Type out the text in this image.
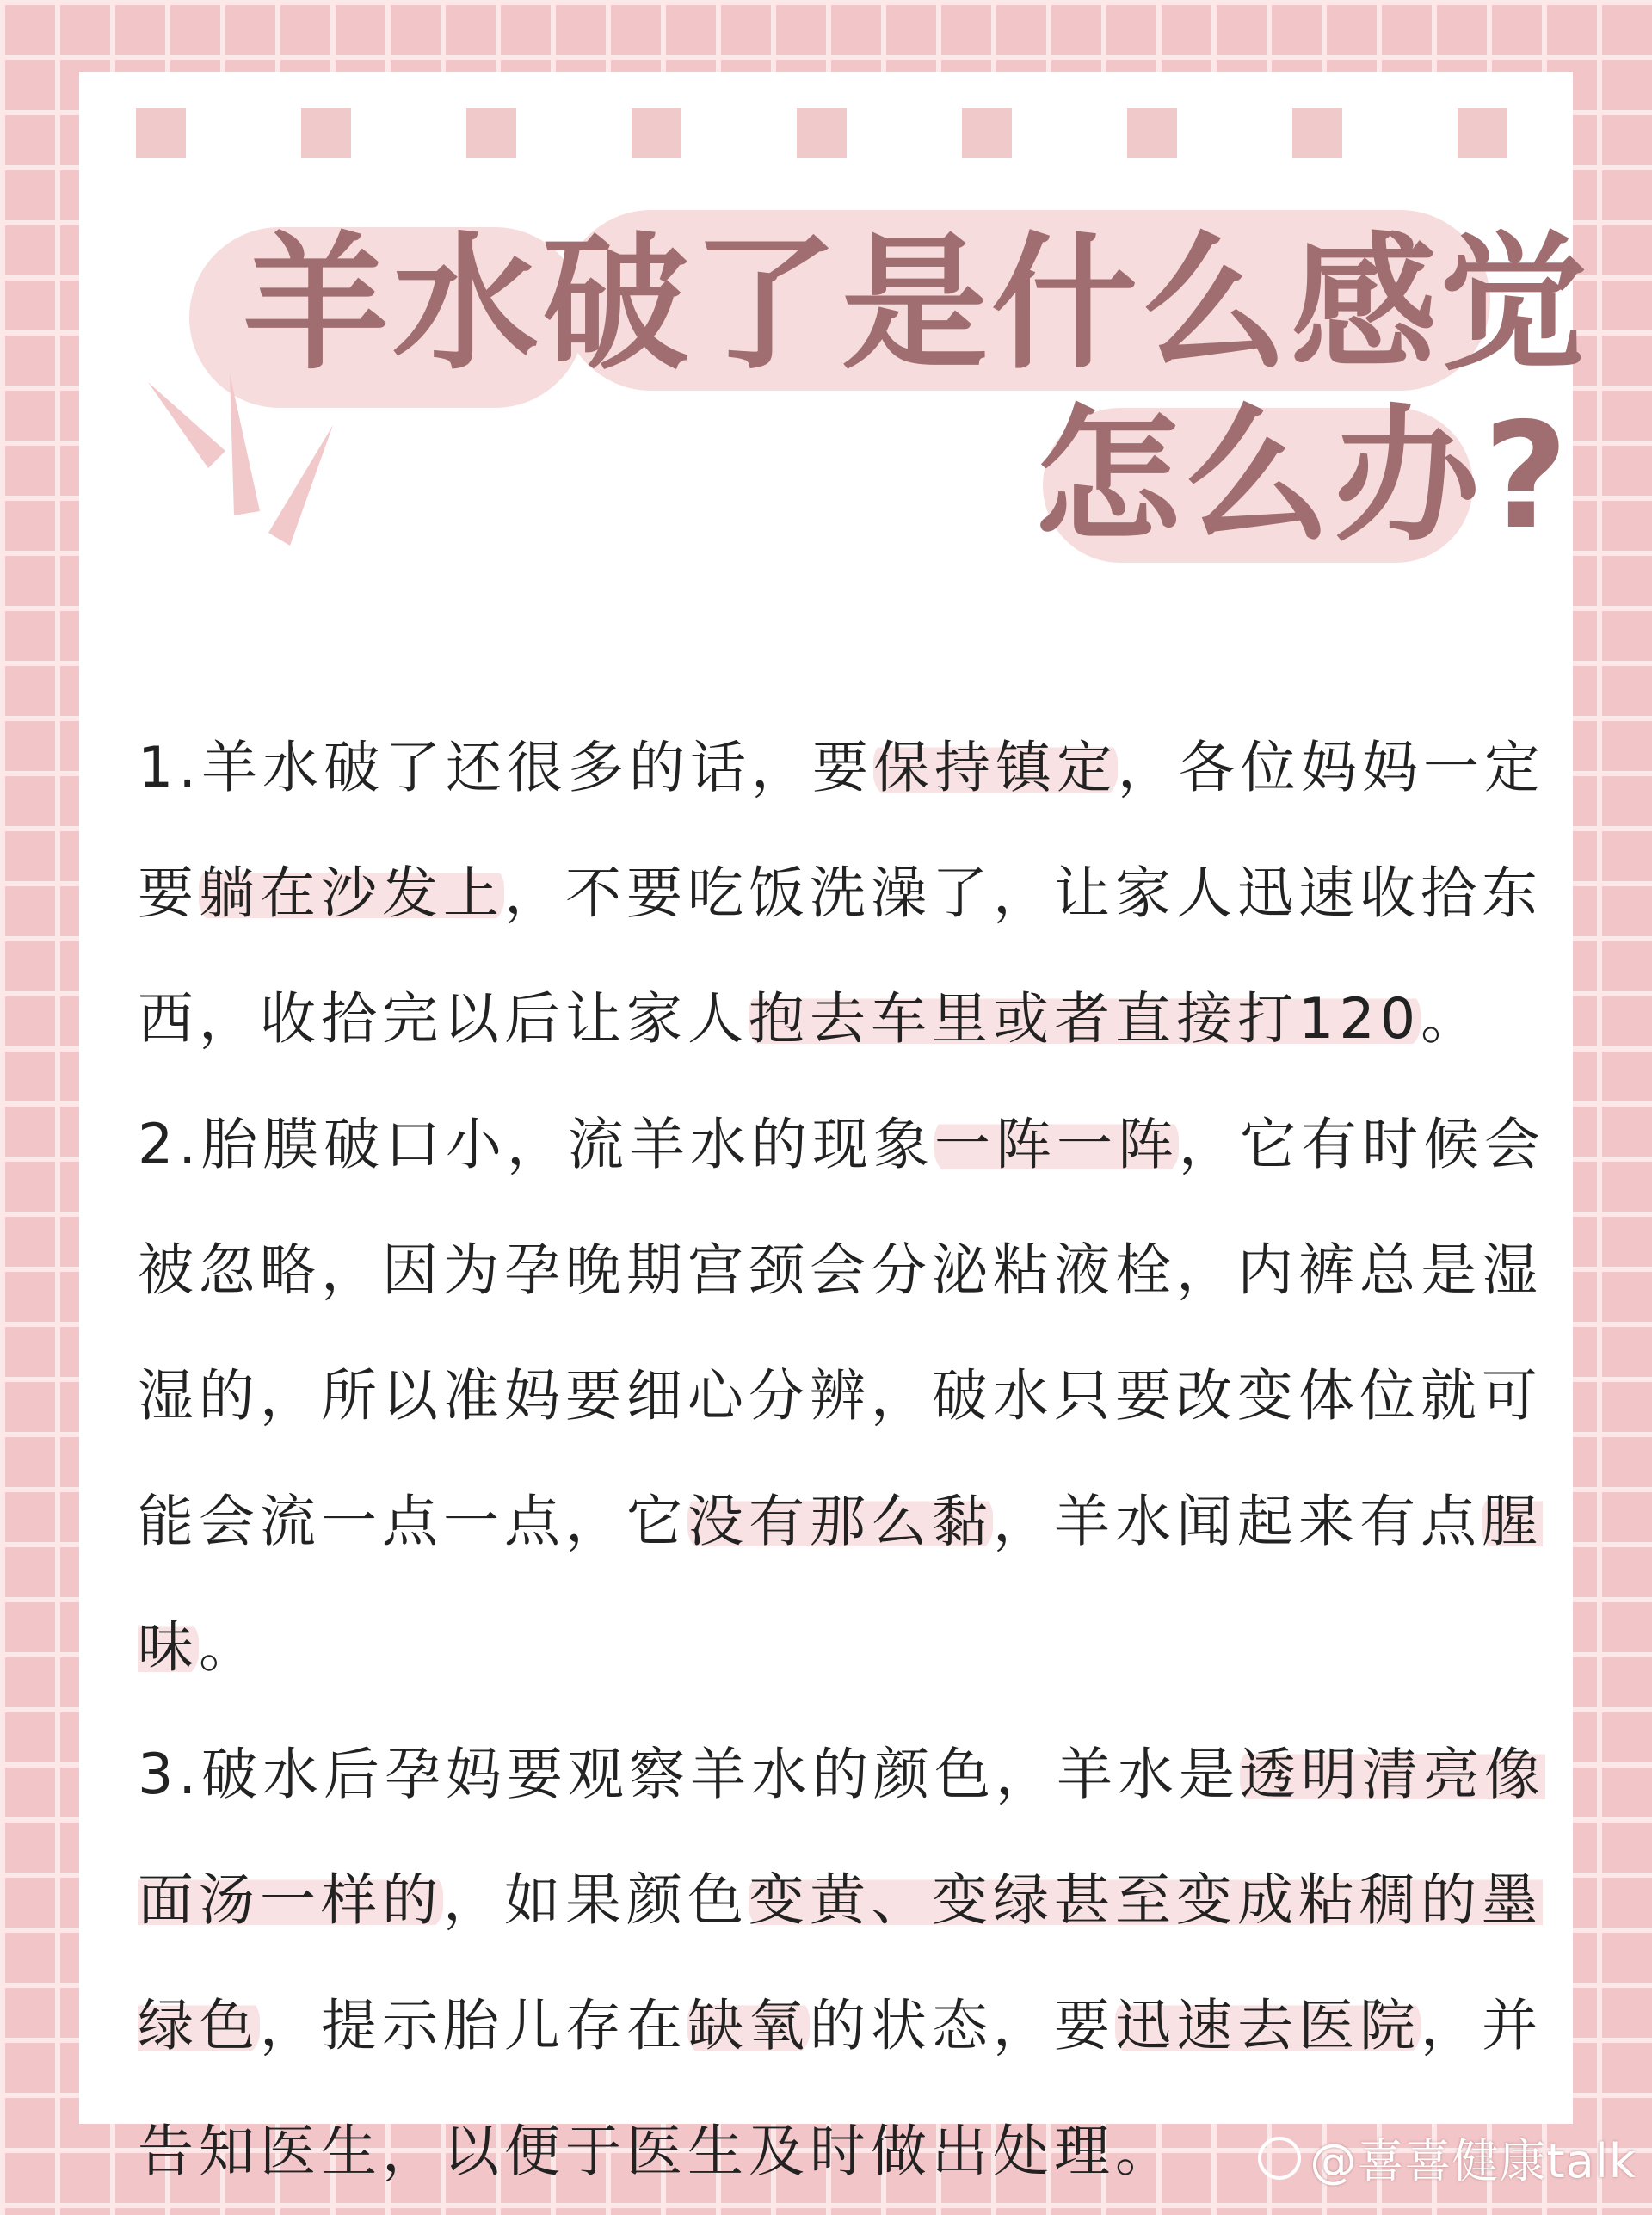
羊水破了是什么感觉
怎么办?
1.羊水破了还很多的话，要保持镇定，各位妈妈一定要躺在沙发上，不要吃饭洗澡了，让家人迅速收拾东西，收拾完以后让家人抱去车里或者直接打120。
2.胎膜破口小，流羊水的现象一阵一阵，它有时候会被忽略，因为孕晚期宫颈会分泌粘液栓，内裤总是湿湿的，所以准妈要细心分辨，破水只要改变体位就可能会流一点一点，它没有那么黏，羊水闻起来有点腥味。
3.破水后孕妈要观察羊水的颜色，羊水是透明清亮像面汤一样的，如果颜色变黄、变绿甚至变成粘稠的墨绿色，提示胎儿存在缺氧的状态，要迅速去医院，并告知医生，以便于医生及时做出处理。	@喜喜健康talk
